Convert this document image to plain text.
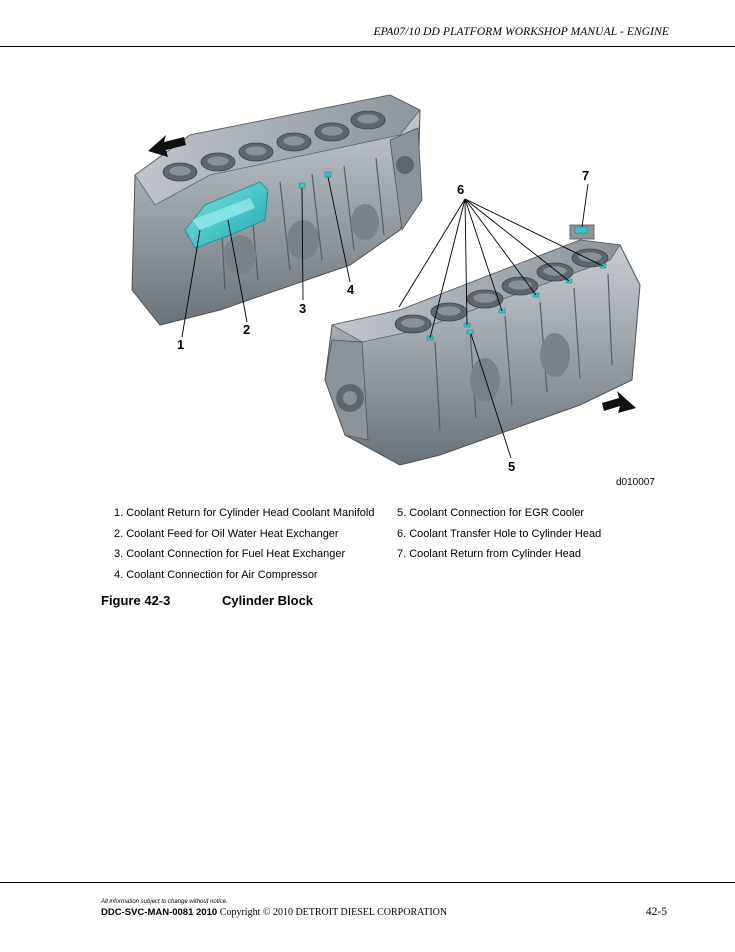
EPA07/10 DD PLATFORM WORKSHOP MANUAL - ENGINE
1
2
3
4
5
6
7
d010007
1. Coolant Return for Cylinder Head Coolant Manifold
2. Coolant Feed for Oil Water Heat Exchanger
3. Coolant Connection for Fuel Heat Exchanger
4. Coolant Connection for Air Compressor
5. Coolant Connection for EGR Cooler
6. Coolant Transfer Hole to Cylinder Head
7. Coolant Return from Cylinder Head
Figure 42-3	Cylinder Block
All information subject to change without notice.
DDC-SVC-MAN-0081 2010 Copyright © 2010 DETROIT DIESEL CORPORATION	42-5
